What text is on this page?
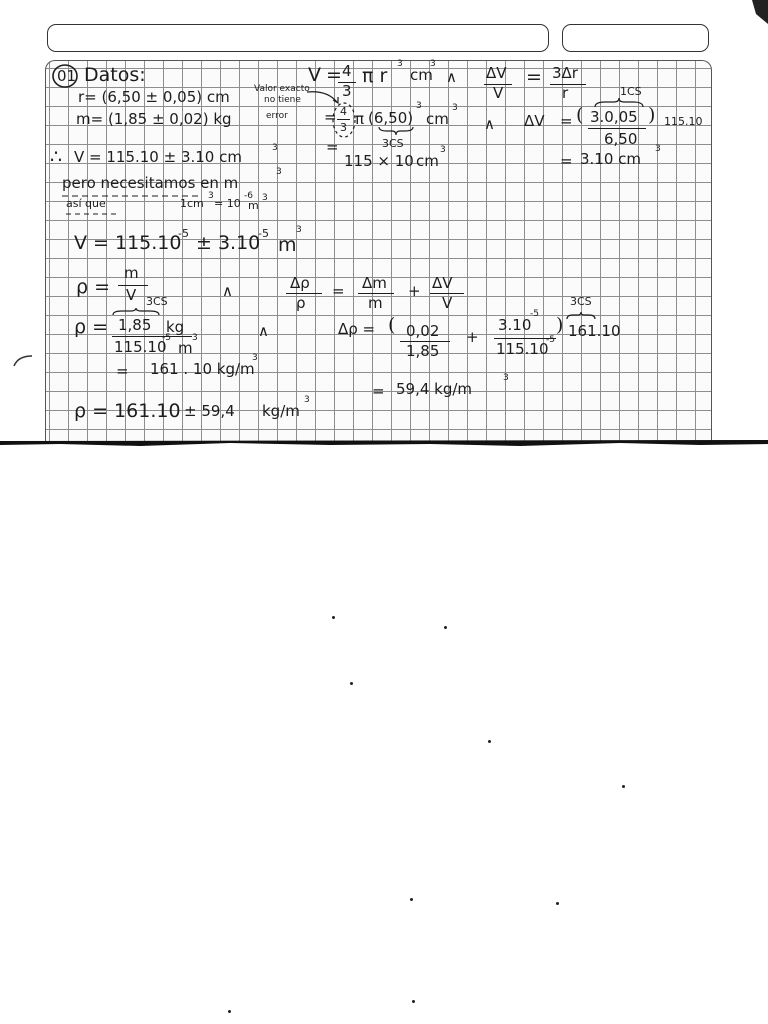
01 Datos:	V = 4
3
π r
3
cm
3
∧ ΔV
V
= 3Δr
r
Valor exacto
no tiene
error
r= (6,50 ± 0,05) cm
= 4
3 π (6,50)
3
cm
3
3CS
∧ ΔV =
1CS
( 3.0,05
6,50
) 115.10
m= (1,85 ± 0,02) kg
=
115 × 10 cm
3
= 3.10 cm
3
∴ V = 115.10 ± 3.10 cm	3
pero necesitamos en m
3
así que	1cm
3
= 10
-6
m
3
V = 115.10
-5 ± 3.10
-5
m
3
ρ =
m
V 3CS
∧	Δρ
ρ
= Δm
m
+ ΔV
V
ρ = 1,85 kg
115.10
-5
m
3	∧	Δρ = ( 0,02
1,85
+
3.10
-5
115.10
-5
)
3CS
161.10
= 161 . 10 kg/m
3
= 59,4 kg/m
3
ρ = 161.10 ± 59,4 kg/m
3
